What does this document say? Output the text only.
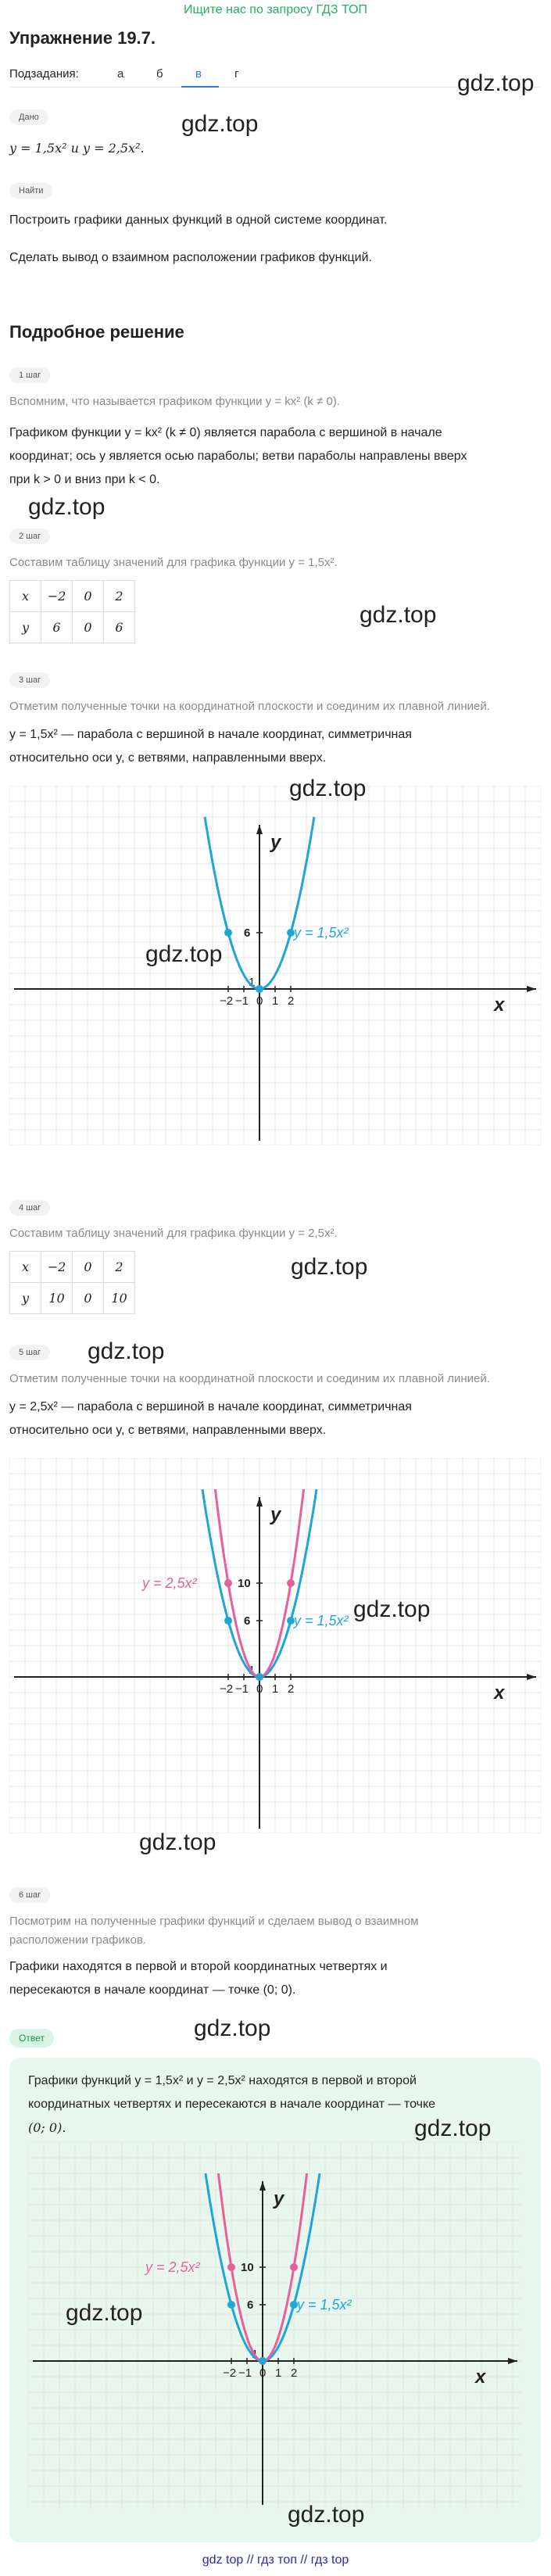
Ищите нас по запросу ГДЗ ТОП
Упражнение 19.7.
Подзадания:	а	б	в	г	gdz.top
Дано	gdz.top
y = 1,5x² и y = 2,5x².
Найти
Построить графики данных функций в одной системе координат.
Сделать вывод о взаимном расположении графиков функций.
Подробное решение
1 шаг
Вспомним, что называется графиком функции y = kx² (k ≠ 0).
Графиком функции y = kx² (k ≠ 0) является парабола с вершиной в начале
координат; ось y является осью параболы; ветви параболы направлены вверх
при k > 0 и вниз при k < 0.
gdz.top
2 шаг
Составим таблицу значений для графика функции y = 1,5x².
x	−2	0	2
y	6	0	6	gdz.top
3 шаг
Отметим полученные точки на координатной плоскости и соединим их плавной линией.
y = 1,5x² — парабола с вершиной в начале координат, симметричная
относительно оси y, с ветвями, направленными вверх.
x
y
−2 −1 0 1 2
1
6	y = 1,5x²
gdz.top
gdz.top
4 шаг
Составим таблицу значений для графика функции y = 2,5x².
x	−2	0	2
y	10	0	10
gdz.top
5 шаг	gdz.top
Отметим полученные точки на координатной плоскости и соединим их плавной линией.
y = 2,5x² — парабола с вершиной в начале координат, симметричная
относительно оси y, с ветвями, направленными вверх.
x
y
−2 −1 0 1 2
1
6
10
y = 1,5x²
y = 2,5x²
gdz.top
gdz.top
6 шаг
Посмотрим на полученные графики функций и сделаем вывод о взаимном
расположении графиков.
Графики находятся в первой и второй координатных четвертях и
пересекаются в начале координат — точке (0; 0).
gdz.top
Ответ
Графики функций y = 1,5x² и y = 2,5x² находятся в первой и второй
координатных четвертях и пересекаются в начале координат — точке
(0; 0).
x
y
−2 −1 0 1 2
1
6
10
y = 1,5x²
y = 2,5x²
gdz.top
gdz.top
gdz.top
gdz top // гдз топ // гдз top
